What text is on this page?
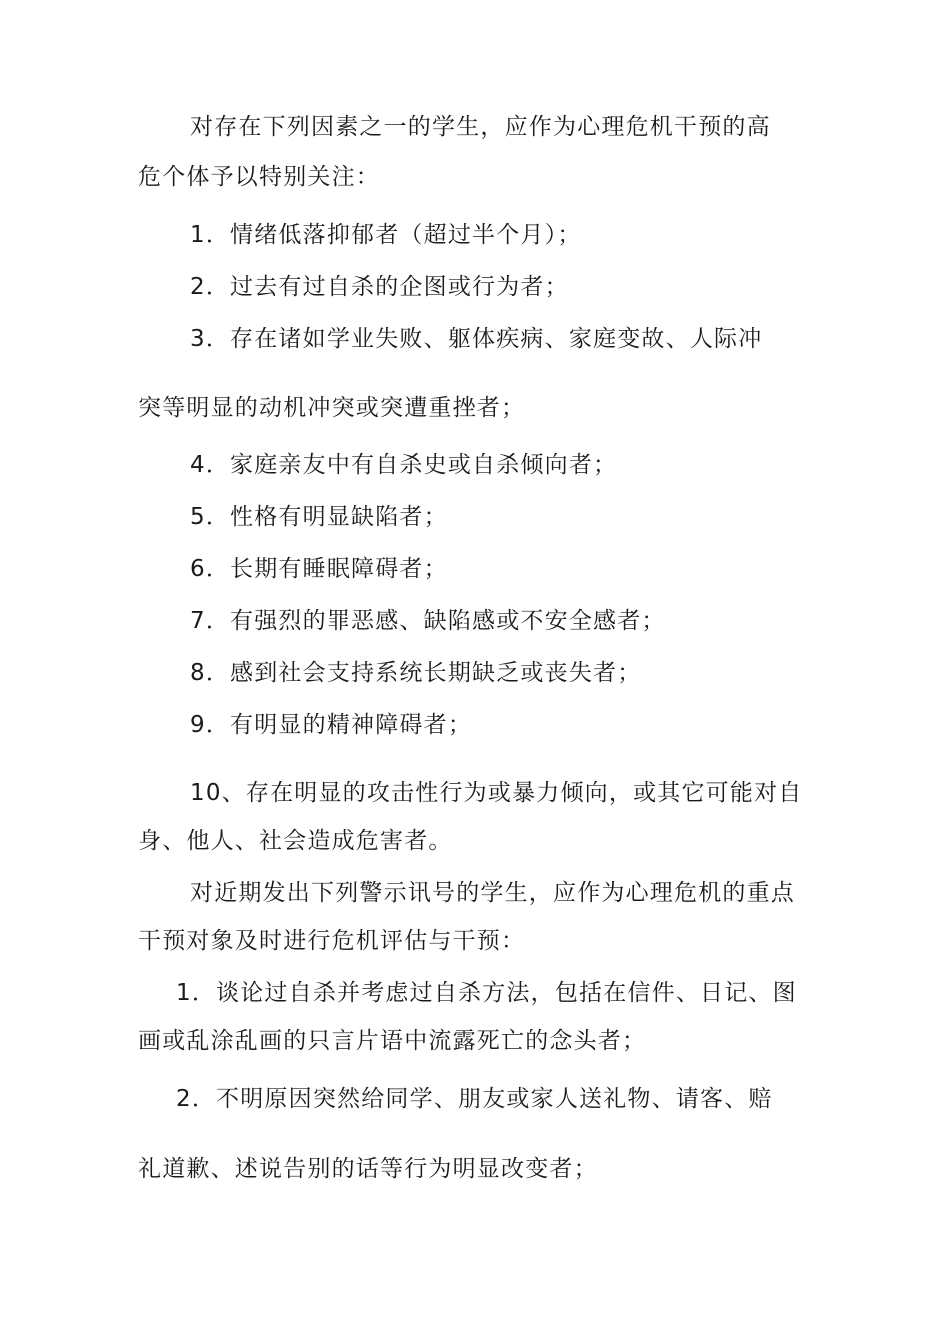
对存在下列因素之一的学生，应作为心理危机干预的高
危个体予以特别关注：
1．情绪低落抑郁者（超过半个月）；
2．过去有过自杀的企图或行为者；
3．存在诸如学业失败、躯体疾病、家庭变故、人际冲
突等明显的动机冲突或突遭重挫者；
4．家庭亲友中有自杀史或自杀倾向者；
5．性格有明显缺陷者；
6．长期有睡眠障碍者；
7．有强烈的罪恶感、缺陷感或不安全感者；
8．感到社会支持系统长期缺乏或丧失者；
9．有明显的精神障碍者；
10、存在明显的攻击性行为或暴力倾向，或其它可能对自
身、他人、社会造成危害者。
对近期发出下列警示讯号的学生，应作为心理危机的重点
干预对象及时进行危机评估与干预：
1．谈论过自杀并考虑过自杀方法，包括在信件、日记、图
画或乱涂乱画的只言片语中流露死亡的念头者；
2．不明原因突然给同学、朋友或家人送礼物、请客、赔
礼道歉、述说告别的话等行为明显改变者；
